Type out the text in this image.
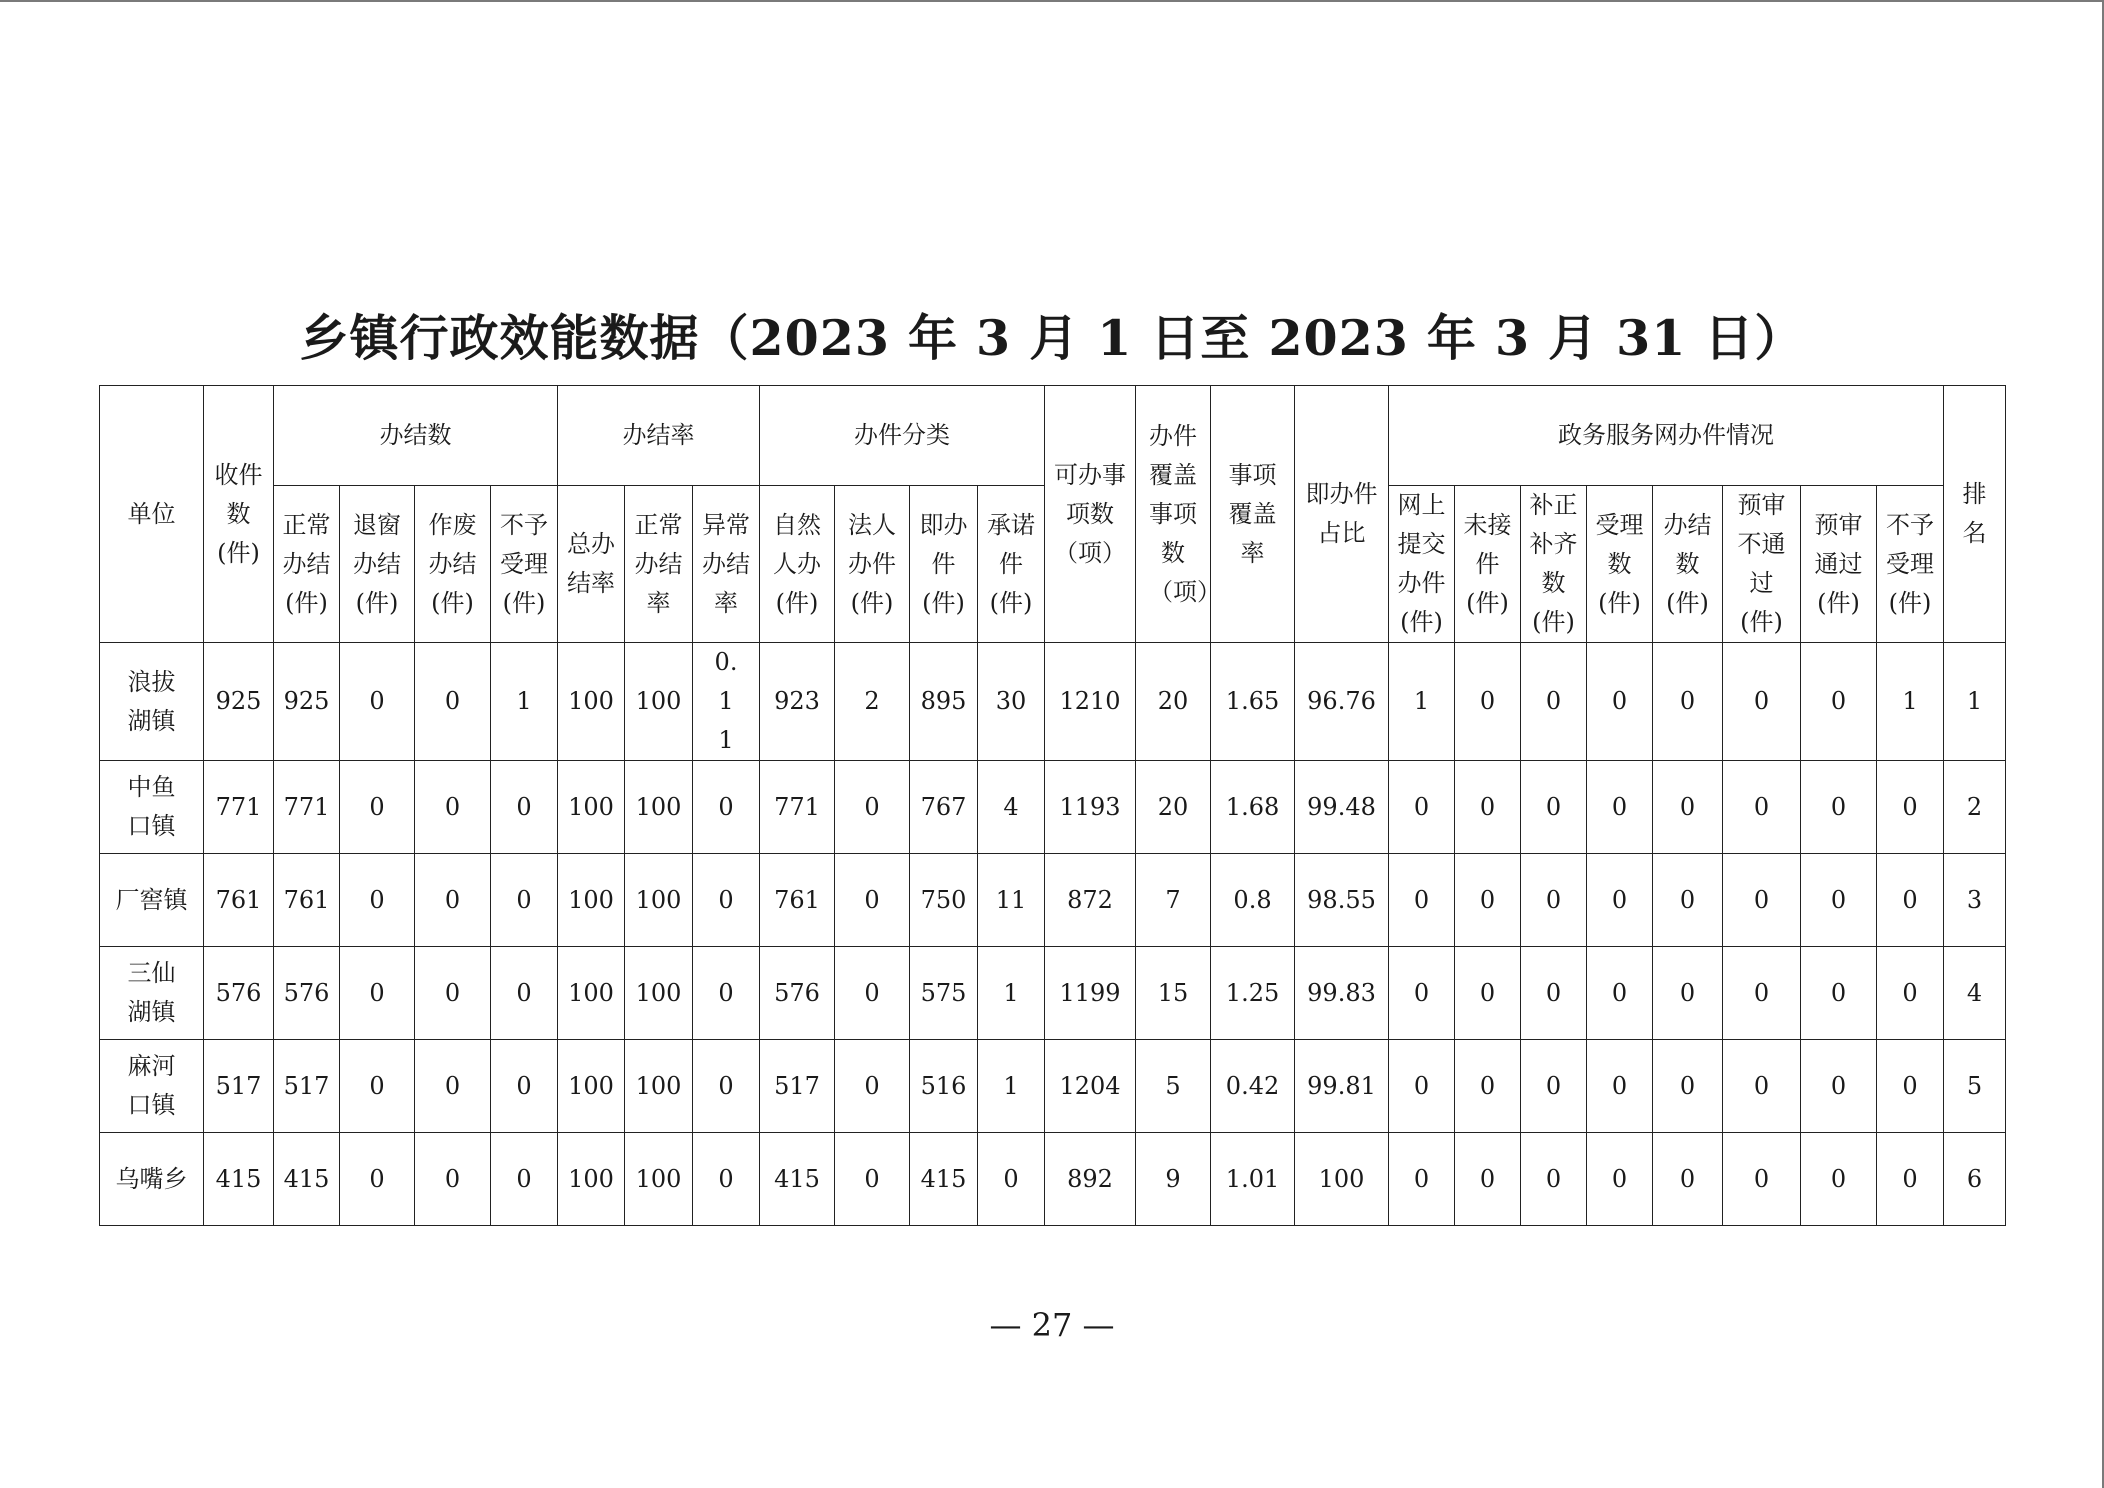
乡镇行政效能数据（2023 年 3 月 1 日至 2023 年 3 月 31 日）
单位	收件数(件)	办结数				办结率			办件分类				可办事项数（项）	办件覆盖事项数（项）	事项覆盖率	即办件占比	政务服务网办件情况								排名

		正常办结(件)	退窗办结(件)	作废办结(件)	不予受理(件)	总办结率	正常办结率	异常办结率	自然人办(件)	法人办件(件)	即办件(件)	承诺件(件)					网上提交办件(件)	未接件(件)	补正补齐数(件)	受理数(件)	办结数(件)	预审不通过(件)	预审通过(件)	不予受理(件)	

浪拔湖镇	925	925	0	0	1	100	100	0.11	923	2	895	30	1210	20	1.65	96.76	1	0	0	0	0	0	0	1	1

中鱼口镇	771	771	0	0	0	100	100	0	771	0	767	4	1193	20	1.68	99.48	0	0	0	0	0	0	0	0	2

厂窖镇	761	761	0	0	0	100	100	0	761	0	750	11	872	7	0.8	98.55	0	0	0	0	0	0	0	0	3

三仙湖镇	576	576	0	0	0	100	100	0	576	0	575	1	1199	15	1.25	99.83	0	0	0	0	0	0	0	0	4

麻河口镇	517	517	0	0	0	100	100	0	517	0	516	1	1204	5	0.42	99.81	0	0	0	0	0	0	0	0	5

乌嘴乡	415	415	0	0	0	100	100	0	415	0	415	0	892	9	1.01	100	0	0	0	0	0	0	0	0	6
— 27 —
